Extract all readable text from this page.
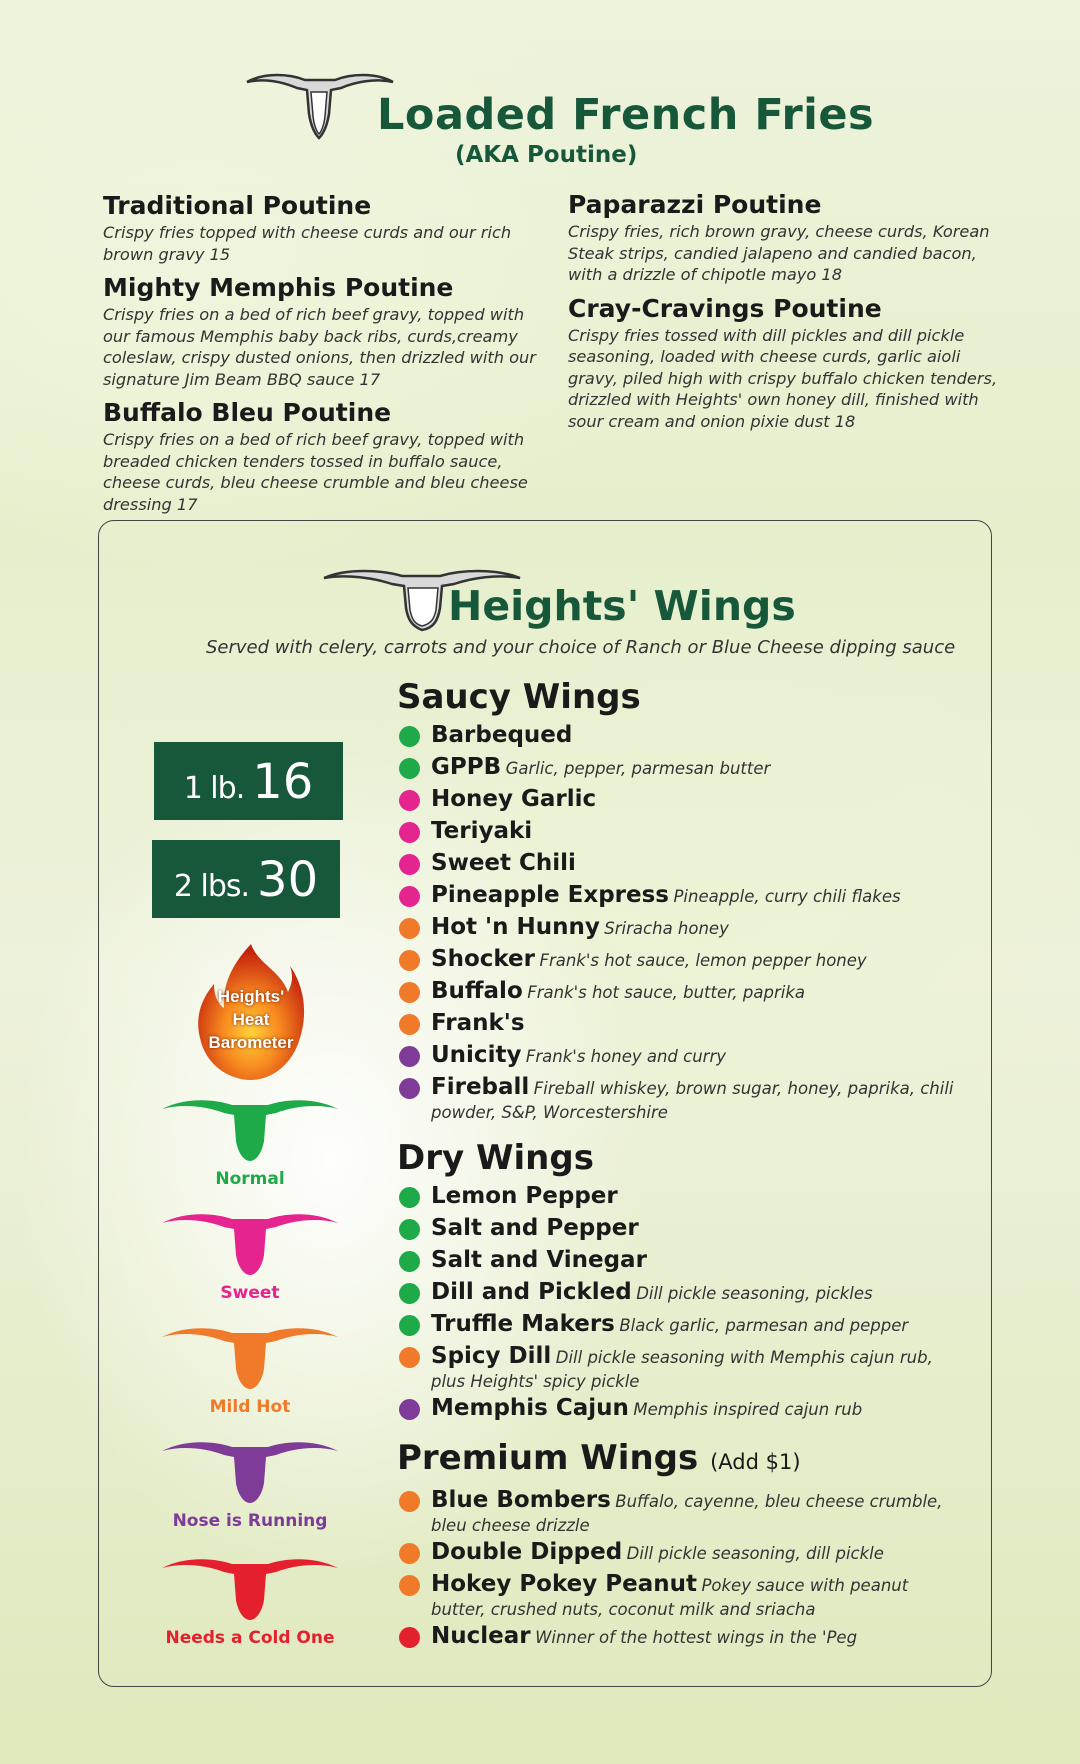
Loaded French Fries
(AKA Poutine)
Traditional Poutine
Crispy fries topped with cheese curds and our rich brown gravy 15
Mighty Memphis Poutine
Crispy fries on a bed of rich beef gravy, topped with our famous Memphis baby back ribs, curds,creamy coleslaw, crispy dusted onions, then drizzled with our signature Jim Beam BBQ sauce 17
Buffalo Bleu Poutine
Crispy fries on a bed of rich beef gravy, topped with breaded chicken tenders tossed in buffalo sauce, cheese curds, bleu cheese crumble and bleu cheese dressing 17
Paparazzi Poutine
Crispy fries, rich brown gravy, cheese curds, Korean Steak strips, candied jalapeno and candied bacon, with a drizzle of chipotle mayo 18
Cray-Cravings Poutine
Crispy fries tossed with dill pickles and dill pickle seasoning, loaded with cheese curds, garlic aioli gravy, piled high with crispy buffalo chicken tenders, drizzled with Heights' own honey dill, finished with sour cream and onion pixie dust 18
Heights' Wings
Served with celery, carrots and your choice of Ranch or Blue Cheese dipping sauce
1 lb. 16
2 lbs. 30
Heights'
Heat
Barometer
Normal
Sweet
Mild Hot
Nose is Running
Needs a Cold One
Saucy Wings
Barbequed
GPPB Garlic, pepper, parmesan butter
Honey Garlic
Teriyaki
Sweet Chili
Pineapple Express Pineapple, curry chili flakes
Hot 'n Hunny Sriracha honey
Shocker Frank's hot sauce, lemon pepper honey
Buffalo Frank's hot sauce, butter, paprika
Frank's
Unicity Frank's honey and curry
Fireball Fireball whiskey, brown sugar, honey, paprika, chili powder, S&P, Worcestershire
Dry Wings
Lemon Pepper
Salt and Pepper
Salt and Vinegar
Dill and Pickled Dill pickle seasoning, pickles
Truffle Makers Black garlic, parmesan and pepper
Spicy Dill Dill pickle seasoning with Memphis cajun rub, plus Heights' spicy pickle
Memphis Cajun Memphis inspired cajun rub
Premium Wings (Add $1)
Blue Bombers Buffalo, cayenne, bleu cheese crumble, bleu cheese drizzle
Double Dipped Dill pickle seasoning, dill pickle
Hokey Pokey Peanut Pokey sauce with peanut butter, crushed nuts, coconut milk and sriacha
Nuclear Winner of the hottest wings in the 'Peg
